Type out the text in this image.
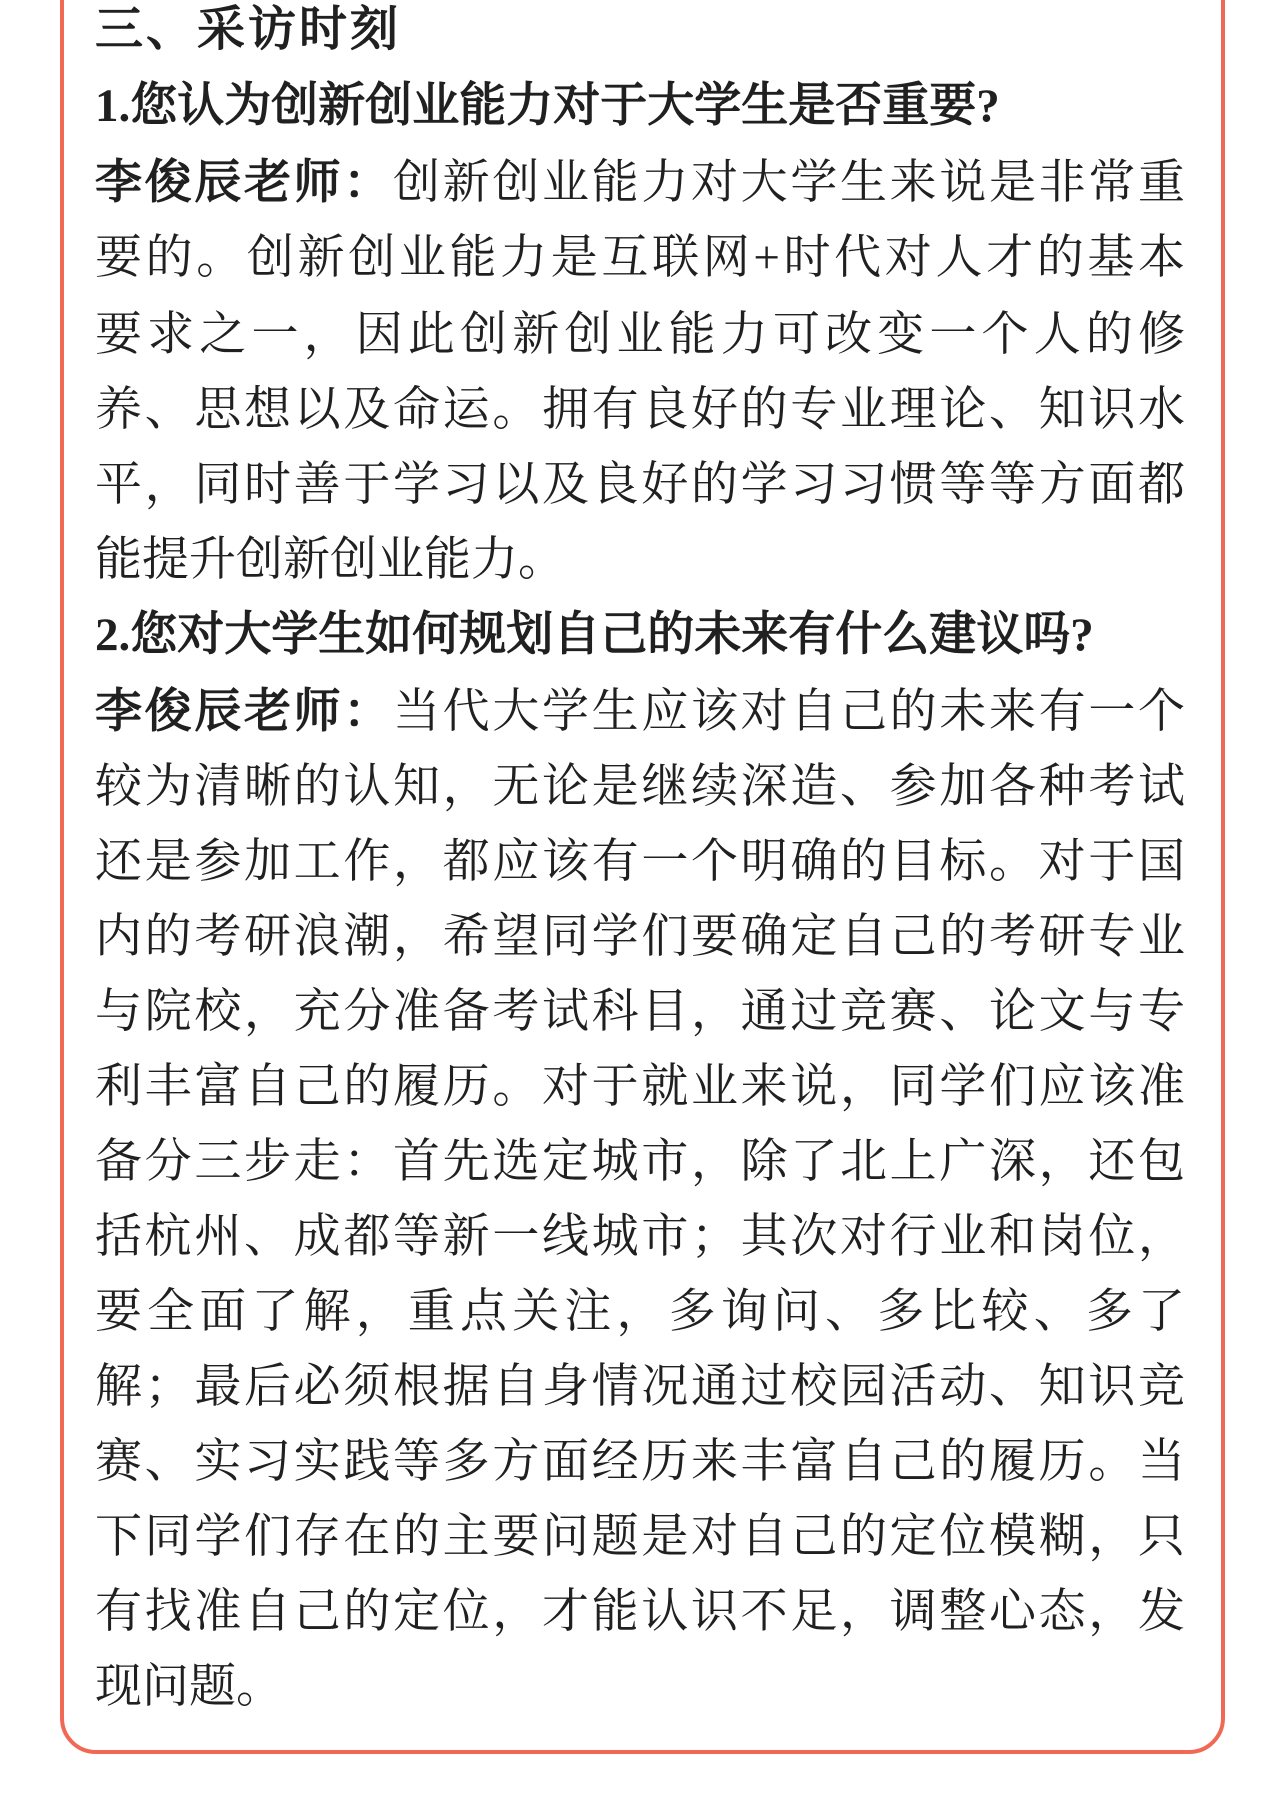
三、采访时刻
1.您认为创新创业能力对于大学生是否重要?
李俊辰老师：创新创业能力对大学生来说是非常重
要的。创新创业能力是互联网+时代对人才的基本
要求之一，因此创新创业能力可改变一个人的修
养、思想以及命运。拥有良好的专业理论、知识水
平，同时善于学习以及良好的学习习惯等等方面都
能提升创新创业能力。
2.您对大学生如何规划自己的未来有什么建议吗?
李俊辰老师：当代大学生应该对自己的未来有一个
较为清晰的认知，无论是继续深造、参加各种考试
还是参加工作，都应该有一个明确的目标。对于国
内的考研浪潮，希望同学们要确定自己的考研专业
与院校，充分准备考试科目，通过竞赛、论文与专
利丰富自己的履历。对于就业来说，同学们应该准
备分三步走：首先选定城市，除了北上广深，还包
括杭州、成都等新一线城市；其次对行业和岗位，
要全面了解，重点关注，多询问、多比较、多了
解；最后必须根据自身情况通过校园活动、知识竞
赛、实习实践等多方面经历来丰富自己的履历。当
下同学们存在的主要问题是对自己的定位模糊，只
有找准自己的定位，才能认识不足，调整心态，发
现问题。
